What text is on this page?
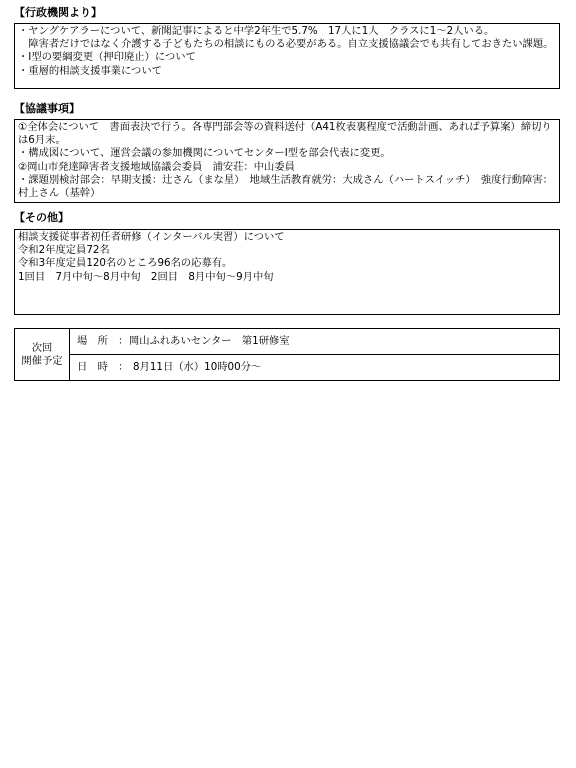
【行政機関より】
・ヤングケアラーについて、新聞記事によると中学2年生で5.7%　17人に1人　クラスに1～2人いる。
　障害者だけではなく介護する子どもたちの相談にものる必要がある。自立支援協議会でも共有しておきたい課題。
・Ⅰ型の要綱変更（押印廃止）について
・重層的相談支援事業について
【協議事項】
①全体会について　書面表決で行う。各専門部会等の資料送付（A41枚表裏程度で活動計画、あれば予算案）締切りは6月末。
・構成図について、運営会議の参加機関についてセンターⅠ型を部会代表に変更。
②岡山市発達障害者支援地域協議会委員　浦安荘：中山委員
・課題別検討部会：早期支援：辻さん（まな星）　地域生活教育就労：大成さん（ハートスイッチ）　強度行動障害：村上さん（基幹）
【その他】
相談支援従事者初任者研修（インターバル実習）について
令和2年度定員72名
令和3年度定員120名のところ96名の応募有。
1回目　7月中旬～8月中旬　2回目　8月中旬～9月中旬
次回
開催予定
場　所　： 岡山ふれあいセンター　第1研修室
日　時　： 8月11日（水）10時00分～
